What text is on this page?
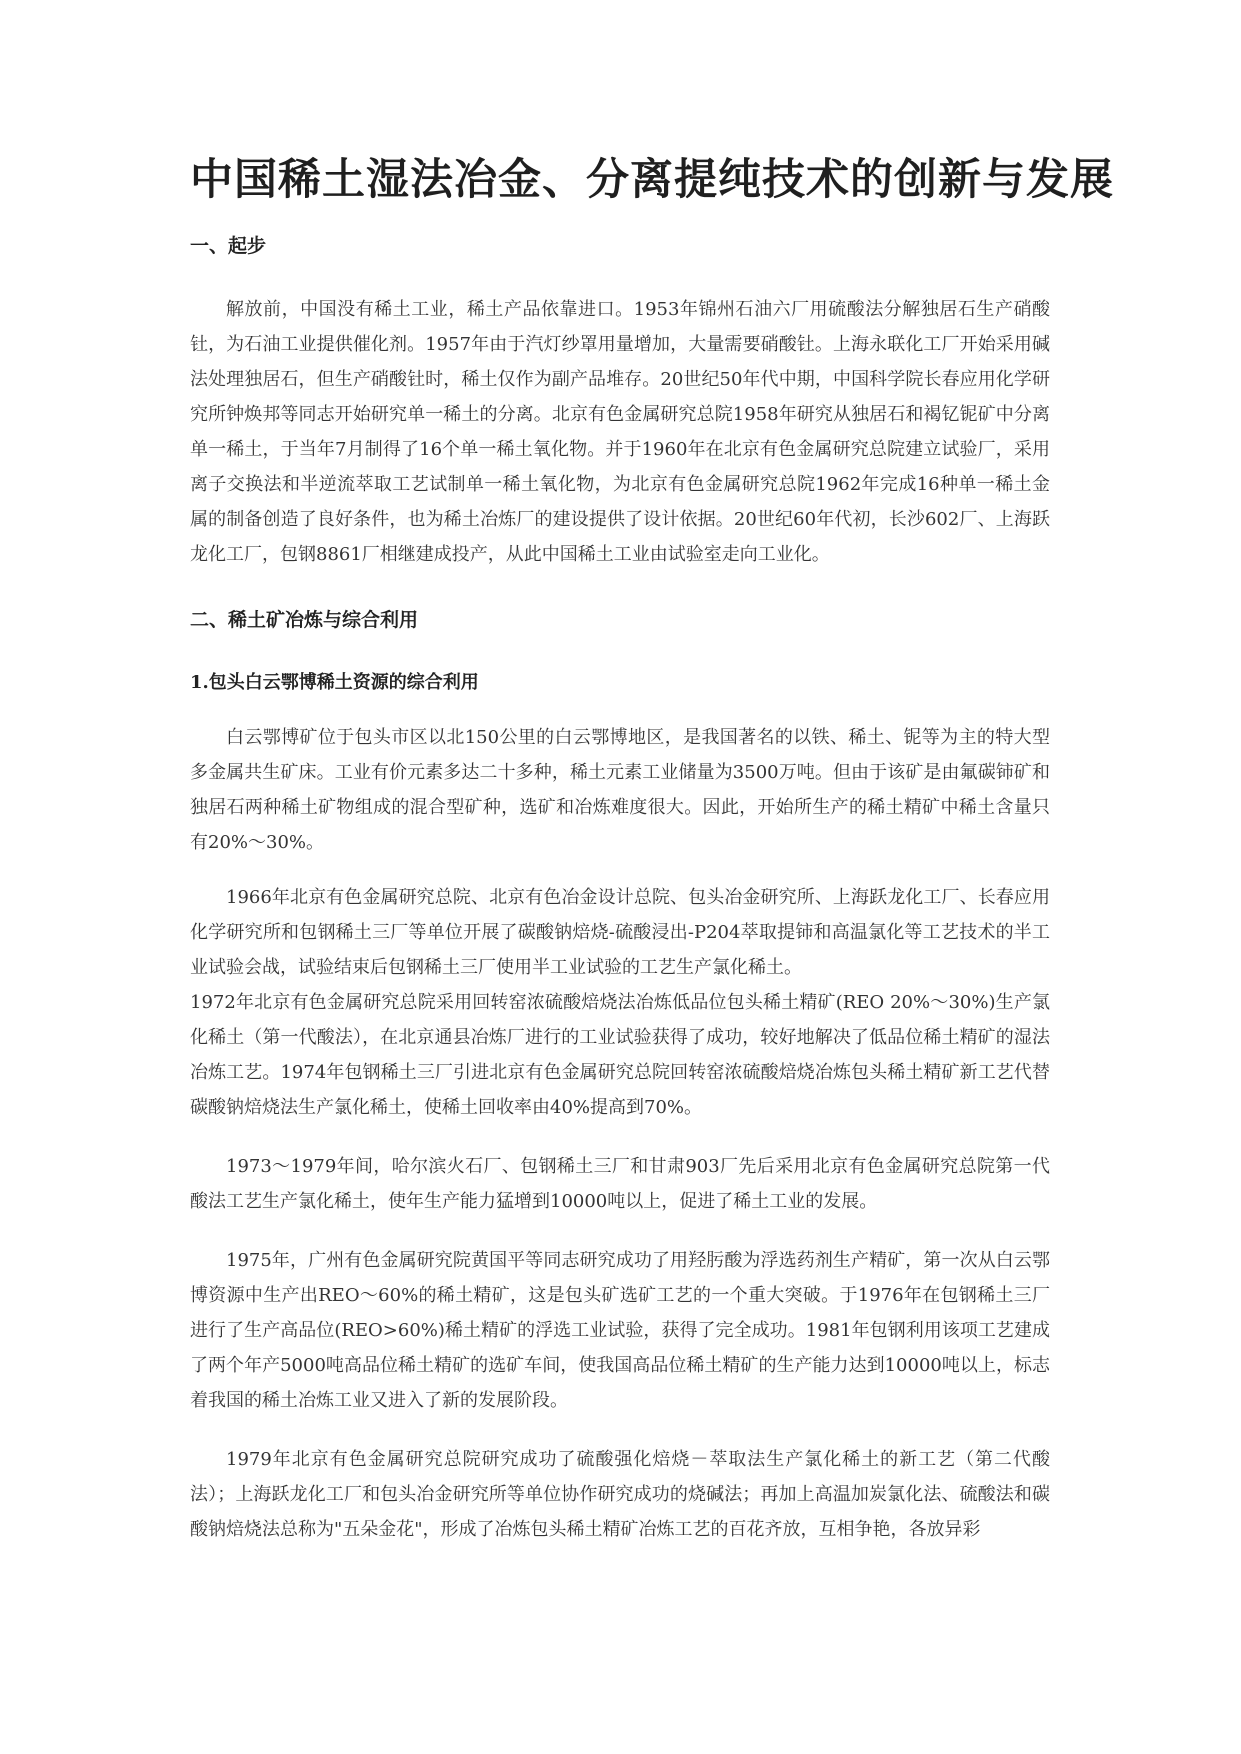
中国稀土湿法冶金、分离提纯技术的创新与发展
一、起步

解放前，中国没有稀土工业，稀土产品依靠进口。1953年锦州石油六厂用硫酸法分解独居石生产硝酸钍，为石油工业提供催化剂。1957年由于汽灯纱罩用量增加，大量需要硝酸钍。上海永联化工厂开始采用碱法处理独居石，但生产硝酸钍时，稀土仅作为副产品堆存。20世纪50年代中期，中国科学院长春应用化学研究所钟焕邦等同志开始研究单一稀土的分离。北京有色金属研究总院1958年研究从独居石和褐钇铌矿中分离单一稀土，于当年7月制得了16个单一稀土氧化物。并于1960年在北京有色金属研究总院建立试验厂，采用离子交换法和半逆流萃取工艺试制单一稀土氧化物，为北京有色金属研究总院1962年完成16种单一稀土金属的制备创造了良好条件，也为稀土冶炼厂的建设提供了设计依据。20世纪60年代初，长沙602厂、上海跃龙化工厂，包钢8861厂相继建成投产，从此中国稀土工业由试验室走向工业化。

二、稀土矿冶炼与综合利用
1.包头白云鄂博稀土资源的综合利用

白云鄂博矿位于包头市区以北150公里的白云鄂博地区，是我国著名的以铁、稀土、铌等为主的特大型多金属共生矿床。工业有价元素多达二十多种，稀土元素工业储量为3500万吨。但由于该矿是由氟碳铈矿和独居石两种稀土矿物组成的混合型矿种，选矿和冶炼难度很大。因此，开始所生产的稀土精矿中稀土含量只有20%～30%。

1966年北京有色金属研究总院、北京有色冶金设计总院、包头冶金研究所、上海跃龙化工厂、长春应用化学研究所和包钢稀土三厂等单位开展了碳酸钠焙烧-硫酸浸出-P204萃取提铈和高温氯化等工艺技术的半工业试验会战，试验结束后包钢稀土三厂使用半工业试验的工艺生产氯化稀土。

1972年北京有色金属研究总院采用回转窑浓硫酸焙烧法冶炼低品位包头稀土精矿(REO 20%～30%)生产氯化稀土（第一代酸法），在北京通县冶炼厂进行的工业试验获得了成功，较好地解决了低品位稀土精矿的湿法冶炼工艺。1974年包钢稀土三厂引进北京有色金属研究总院回转窑浓硫酸焙烧冶炼包头稀土精矿新工艺代替碳酸钠焙烧法生产氯化稀土，使稀土回收率由40%提高到70%。

1973～1979年间，哈尔滨火石厂、包钢稀土三厂和甘肃903厂先后采用北京有色金属研究总院第一代酸法工艺生产氯化稀土，使年生产能力猛增到10000吨以上，促进了稀土工业的发展。

1975年，广州有色金属研究院黄国平等同志研究成功了用羟肟酸为浮选药剂生产精矿，第一次从白云鄂博资源中生产出REO～60%的稀土精矿，这是包头矿选矿工艺的一个重大突破。于1976年在包钢稀土三厂进行了生产高品位(REO>60%)稀土精矿的浮选工业试验，获得了完全成功。1981年包钢利用该项工艺建成了两个年产5000吨高品位稀土精矿的选矿车间，使我国高品位稀土精矿的生产能力达到10000吨以上，标志着我国的稀土冶炼工业又进入了新的发展阶段。

1979年北京有色金属研究总院研究成功了硫酸强化焙烧－萃取法生产氯化稀土的新工艺（第二代酸法）；上海跃龙化工厂和包头冶金研究所等单位协作研究成功的烧碱法；再加上高温加炭氯化法、硫酸法和碳酸钠焙烧法总称为"五朵金花"，形成了冶炼包头稀土精矿冶炼工艺的百花齐放，互相争艳，各放异彩
